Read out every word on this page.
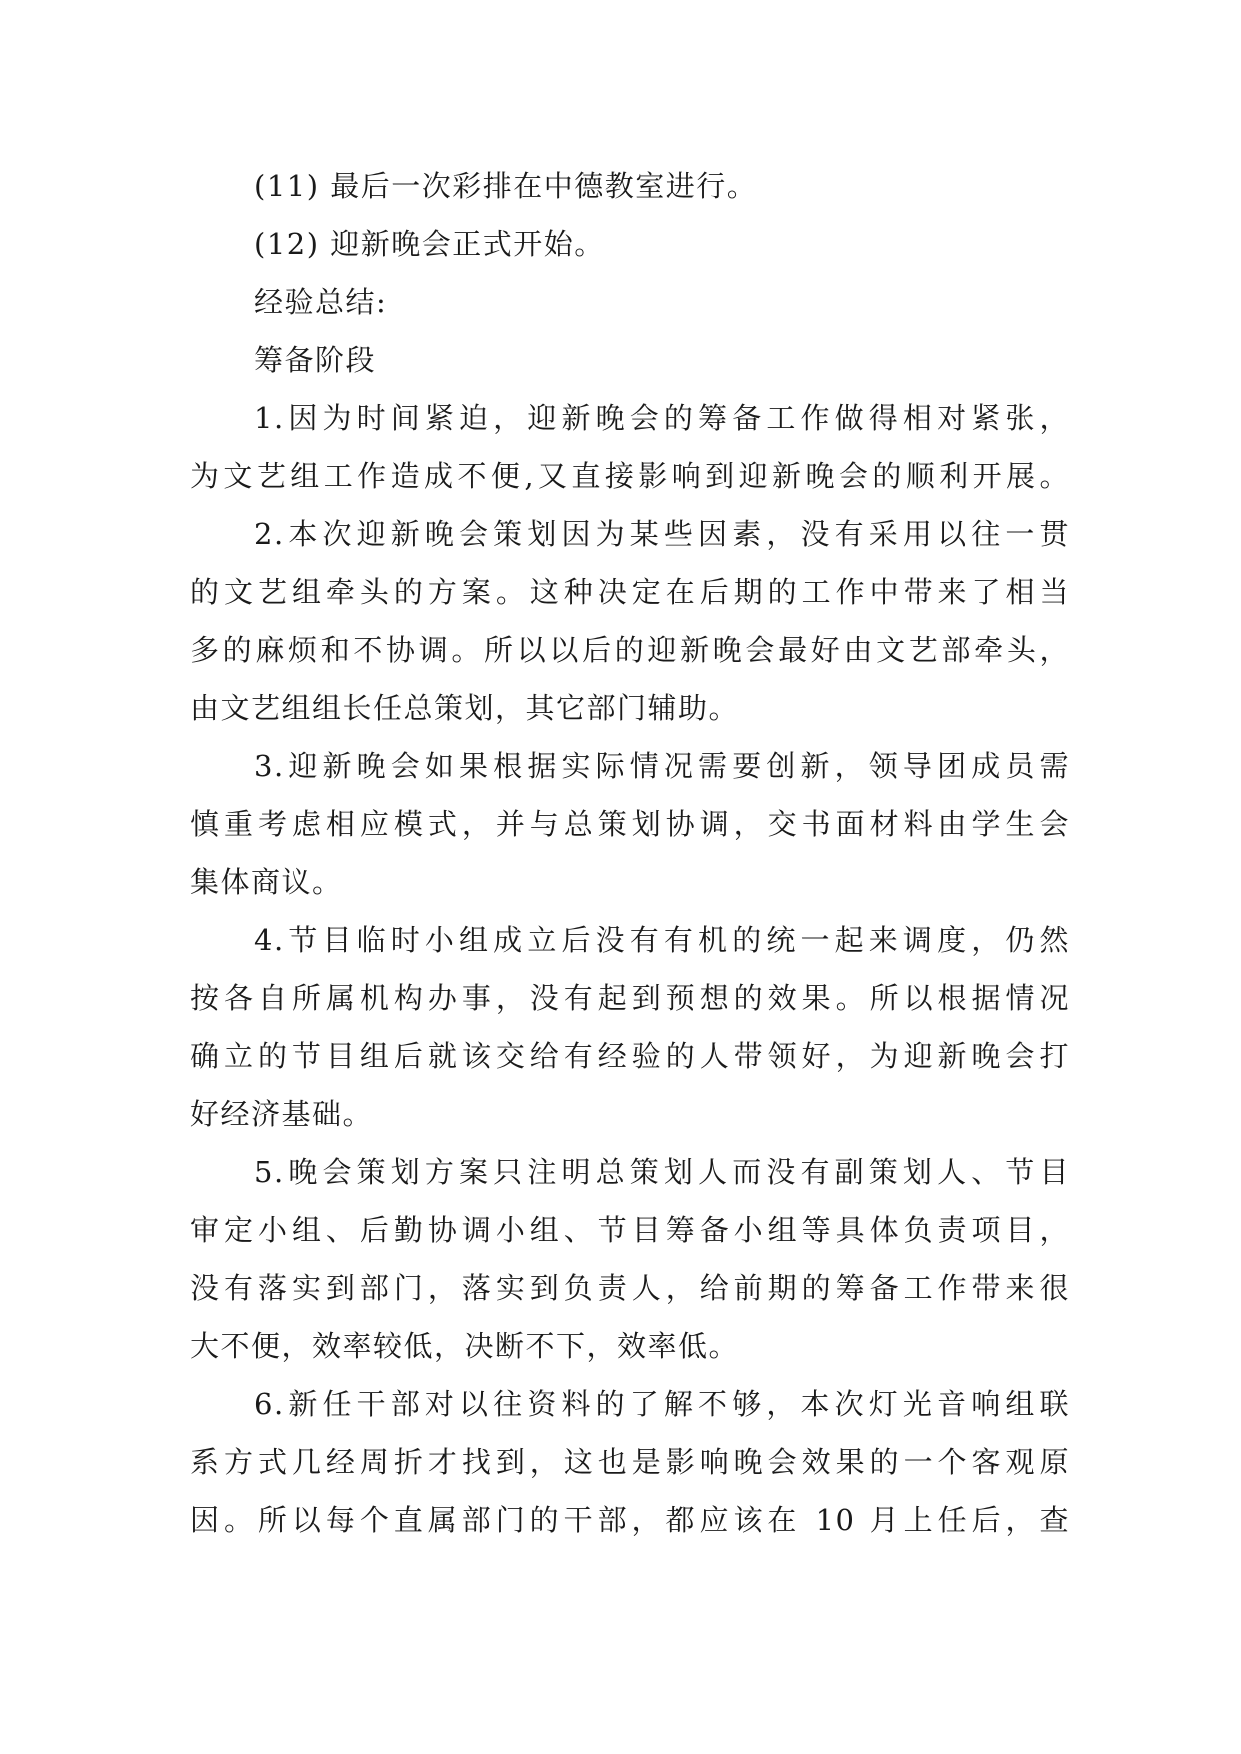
(11) 最后一次彩排在中德教室进行。
(12) 迎新晚会正式开始。
经验总结:
筹备阶段
1.因为时间紧迫，迎新晚会的筹备工作做得相对紧张，
为文艺组工作造成不便,又直接影响到迎新晚会的顺利开展。
2.本次迎新晚会策划因为某些因素，没有采用以往一贯
的文艺组牵头的方案。这种决定在后期的工作中带来了相当
多的麻烦和不协调。所以以后的迎新晚会最好由文艺部牵头，
由文艺组组长任总策划，其它部门辅助。
3.迎新晚会如果根据实际情况需要创新，领导团成员需
慎重考虑相应模式，并与总策划协调，交书面材料由学生会
集体商议。
4.节目临时小组成立后没有有机的统一起来调度，仍然
按各自所属机构办事，没有起到预想的效果。所以根据情况
确立的节目组后就该交给有经验的人带领好，为迎新晚会打
好经济基础。
5.晚会策划方案只注明总策划人而没有副策划人、节目
审定小组、后勤协调小组、节目筹备小组等具体负责项目，
没有落实到部门，落实到负责人，给前期的筹备工作带来很
大不便，效率较低，决断不下，效率低。
6.新任干部对以往资料的了解不够，本次灯光音响组联
系方式几经周折才找到，这也是影响晚会效果的一个客观原
因。所以每个直属部门的干部，都应该在 10 月上任后，查
